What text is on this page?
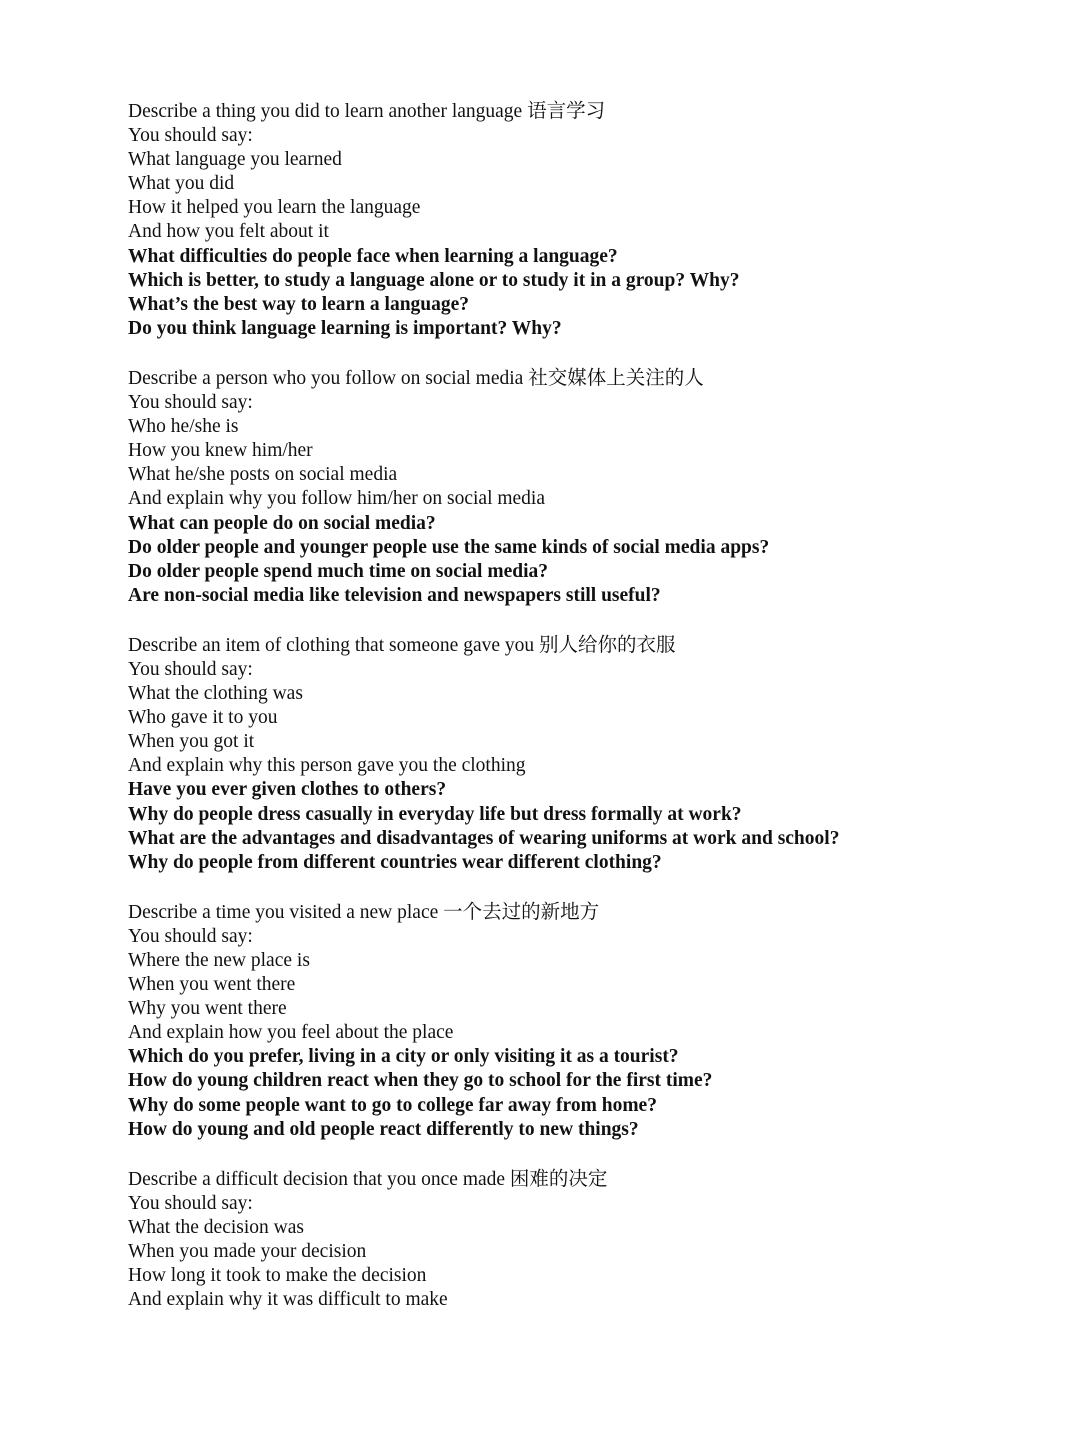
Describe a thing you did to learn another language 语言学习
You should say:
What language you learned
What you did
How it helped you learn the language
And how you felt about it
What difficulties do people face when learning a language?
Which is better, to study a language alone or to study it in a group? Why?
What’s the best way to learn a language?
Do you think language learning is important? Why?
Describe a person who you follow on social media 社交媒体上关注的人
You should say:
Who he/she is
How you knew him/her
What he/she posts on social media
And explain why you follow him/her on social media
What can people do on social media?
Do older people and younger people use the same kinds of social media apps?
Do older people spend much time on social media?
Are non-social media like television and newspapers still useful?
Describe an item of clothing that someone gave you 别人给你的衣服
You should say:
What the clothing was
Who gave it to you
When you got it
And explain why this person gave you the clothing
Have you ever given clothes to others?
Why do people dress casually in everyday life but dress formally at work?
What are the advantages and disadvantages of wearing uniforms at work and school?
Why do people from different countries wear different clothing?
Describe a time you visited a new place 一个去过的新地方
You should say:
Where the new place is
When you went there
Why you went there
And explain how you feel about the place
Which do you prefer, living in a city or only visiting it as a tourist?
How do young children react when they go to school for the first time?
Why do some people want to go to college far away from home?
How do young and old people react differently to new things?
Describe a difficult decision that you once made 困难的决定
You should say:
What the decision was
When you made your decision
How long it took to make the decision
And explain why it was difficult to make
